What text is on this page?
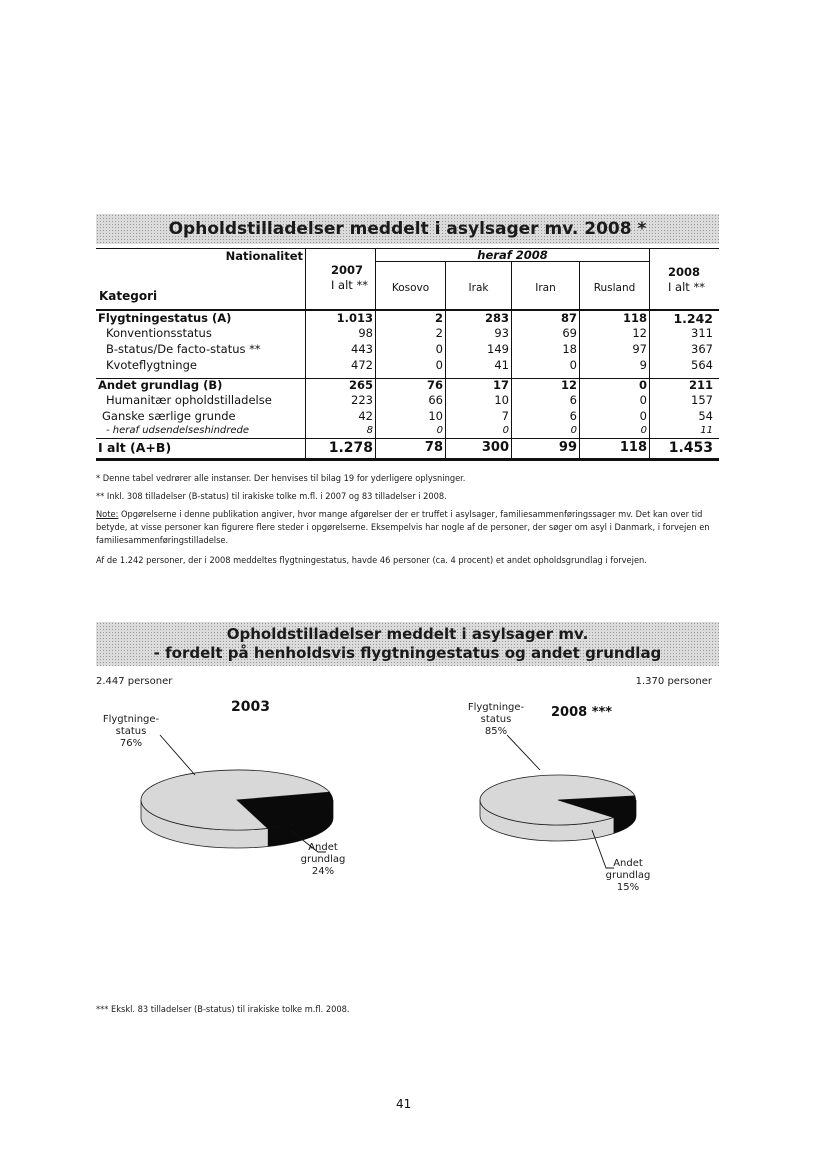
Opholdstilladelser meddelt i asylsager mv. 2008 *
Nationalitet
Kategori
2007
I alt **
heraf 2008
Kosovo	Irak	Iran	Rusland
2008
I alt **
Flygtningestatus (A)	1.013	2	283	87	118	1.242
Konventionsstatus	98	2	93	69	12	311
B-status/De facto-status **	443	0	149	18	97	367
Kvoteflygtninge	472	0	41	0	9	564
Andet grundlag (B)	265	76	17	12	0	211
Humanitær opholdstilladelse	223	66	10	6	0	157
Ganske særlige grunde	42	10	7	6	0	54
- heraf udsendelseshindrede	8	0	0	0	0	11
I alt (A+B)	1.278	78	300	99	118	1.453
* Denne tabel vedrører alle instanser. Der henvises til bilag 19 for yderligere oplysninger.
** Inkl. 308 tilladelser (B-status) til irakiske tolke m.fl. i 2007 og 83 tilladelser i 2008.
Note: Opgørelserne i denne publikation angiver, hvor mange afgørelser der er truffet i asylsager, familiesammenføringssager mv. Det kan over tid betyde, at visse personer kan figurere flere steder i opgørelserne. Eksempelvis har nogle af de personer, der søger om asyl i Danmark, i forvejen en familiesammenføringstilladelse.
Af de 1.242 personer, der i 2008 meddeltes flygtningestatus, havde 46 personer (ca. 4 procent) et andet opholdsgrundlag i forvejen.
Opholdstilladelser meddelt i asylsager mv.
- fordelt på henholdsvis flygtningestatus og andet grundlag
2.447 personer	1.370 personer
2003	2008 ***
Flygtninge-
status
76%
Andet
grundlag
24%
Flygtninge-
status
85%
Andet
grundlag
15%
*** Ekskl. 83 tilladelser (B-status) til irakiske tolke m.fl. 2008.
41
